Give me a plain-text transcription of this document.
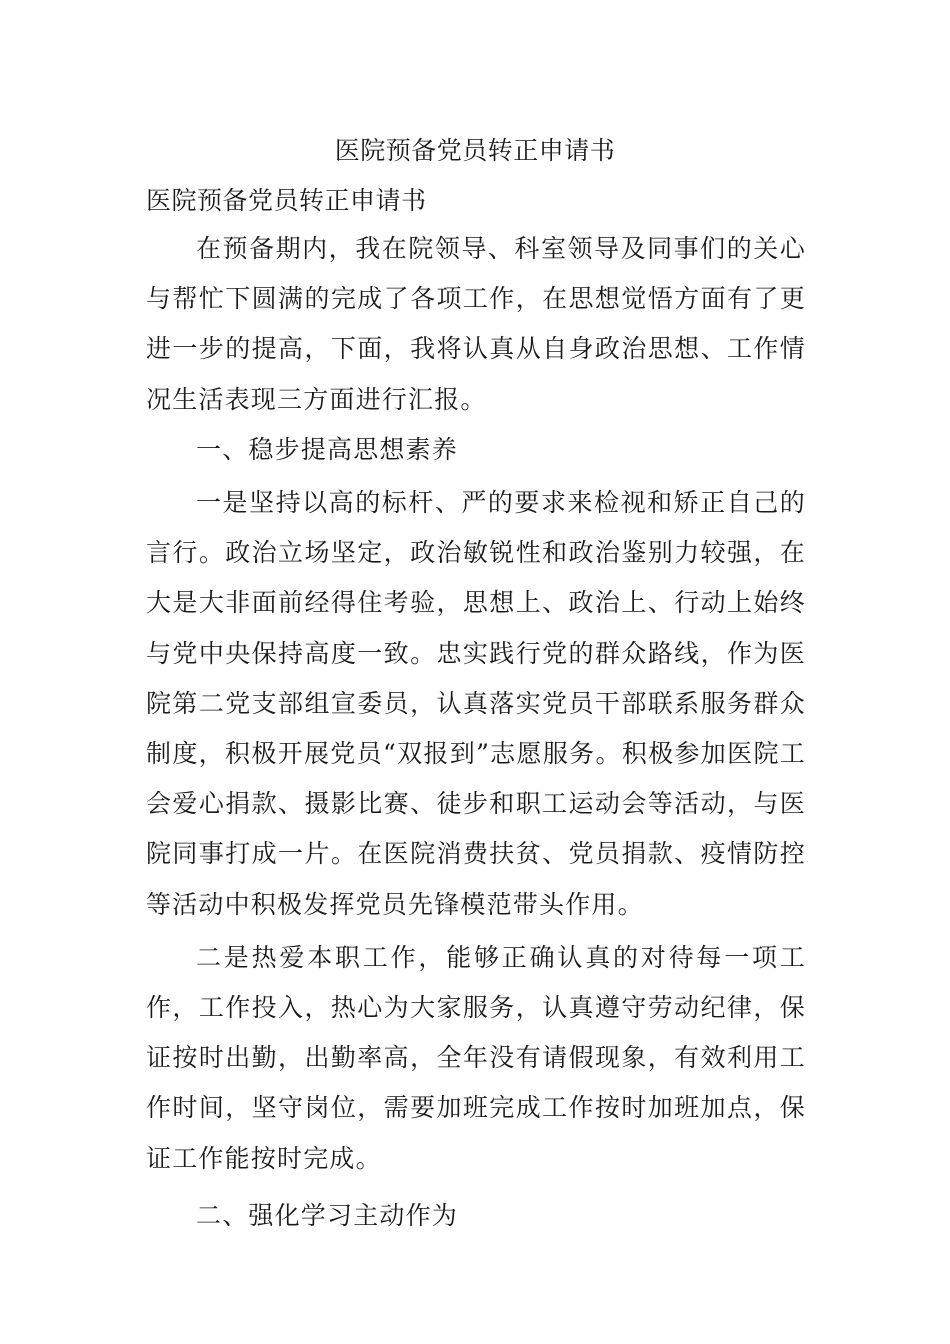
医院预备党员转正申请书
医院预备党员转正申请书

在预备期内，我在院领导、科室领导及同事们的关心与帮忙下圆满的完成了各项工作，在思想觉悟方面有了更进一步的提高，下面，我将认真从自身政治思想、工作情况生活表现三方面进行汇报。

一、稳步提高思想素养

一是坚持以高的标杆、严的要求来检视和矫正自己的言行。政治立场坚定，政治敏锐性和政治鉴别力较强，在大是大非面前经得住考验，思想上、政治上、行动上始终与党中央保持高度一致。忠实践行党的群众路线，作为医院第二党支部组宣委员，认真落实党员干部联系服务群众制度，积极开展党员“双报到”志愿服务。积极参加医院工会爱心捐款、摄影比赛、徒步和职工运动会等活动，与医院同事打成一片。在医院消费扶贫、党员捐款、疫情防控等活动中积极发挥党员先锋模范带头作用。

二是热爱本职工作，能够正确认真的对待每一项工作，工作投入，热心为大家服务，认真遵守劳动纪律，保证按时出勤，出勤率高，全年没有请假现象，有效利用工作时间，坚守岗位，需要加班完成工作按时加班加点，保证工作能按时完成。

二、强化学习主动作为
